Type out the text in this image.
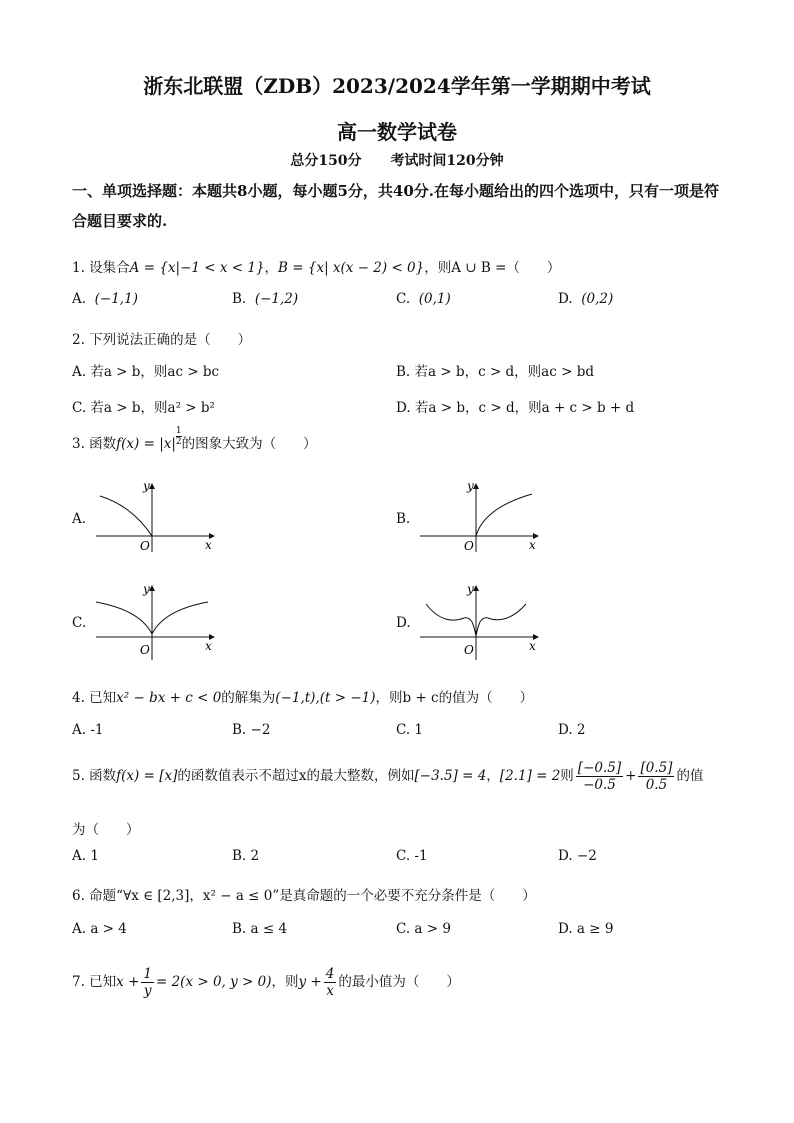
浙东北联盟（ZDB）2023/2024学年第一学期期中考试
高一数学试卷
总分150分 考试时间120分钟
一、单项选择题：本题共8小题，每小题5分，共40分.在每小题给出的四个选项中，只有一项是符合题目要求的.
1. 设集合A = {x|−1 < x < 1}，B = {x| x(x − 2) < 0}，则A ∪ B =（　　）
A. (−1,1)	B. (−1,2)	C. (0,1)	D. (0,2)
2. 下列说法正确的是（　　）
A. 若a > b，则ac > bc	B. 若a > b，c > d，则ac > bd
C. 若a > b，则a² > b²	D. 若a > b，c > d，则a + c > b + d
3. 函数$f(x) = |x| \frac{1}{2}$ 的图象大致为（　　）
A.	B.
C.	D.
y
x
O
y
x
O
y
x
O
y
x
O
4. 已知x² − bx + c < 0的解集为(−1,t),(t > −1)，则b + c的值为（　　）
A. -1	B. −2	C. 1	D. 2
5. 函数f(x) = [x]的函数值表示不超过x的最大整数，例如[−3.5] = 4，[2.1] = 2则 $\frac{[-0.5]}{-0.5} + \frac{[0.5]}{0.5}$ 的值
为（　　）
A. 1	B. 2	C. -1	D. −2
6. 命题“∀x ∈ [2,3]，x² − a ≤ 0”是真命题的一个必要不充分条件是（　　）
A. a > 4	B. a ≤ 4	C. a > 9	D. a ≥ 9
7. 已知$x + \frac{1}{y} = 2(x > 0$, y > 0)，则$y + \frac{4}{x}$ 的最小值为（　　）
